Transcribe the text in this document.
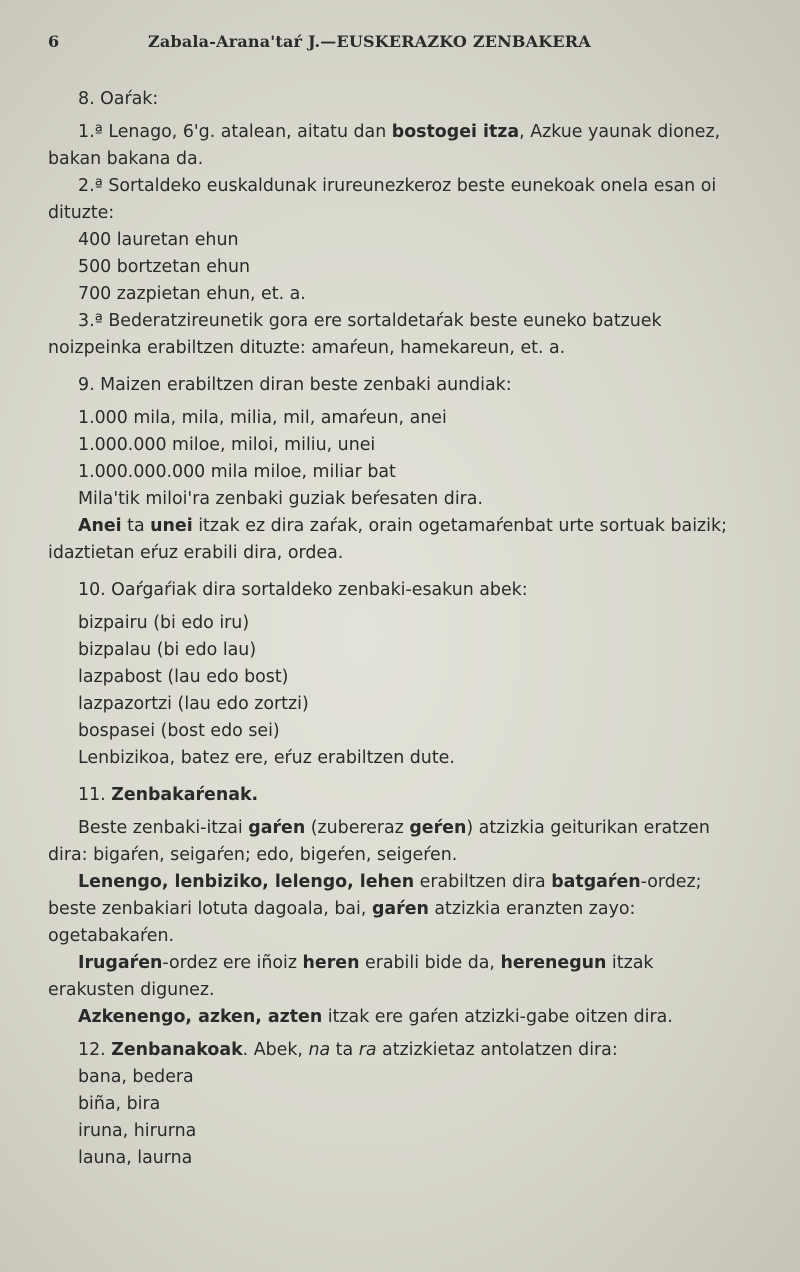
6	Zabala-Arana'taŕ J.—EUSKERAZKO ZENBAKERA
8. Oaŕak:

1.ª Lenago, 6'g. atalean, aitatu dan bostogei itza, Azkue yaunak dionez, bakan bakana da.

2.ª Sortaldeko euskaldunak irureunezkeroz beste eunekoak onela esan oi dituzte:

400 lauretan ehun
500 bortzetan ehun
700 zazpietan ehun, et. a.

3.ª Bederatzireunetik gora ere sortaldetaŕak beste euneko batzuek noizpeinka erabiltzen dituzte: amaŕeun, hamekareun, et. a.

9. Maizen erabiltzen diran beste zenbaki aundiak:
1.000 mila, mila, milia, mil, amaŕeun, anei
1.000.000 miloe, miloi, miliu, unei
1.000.000.000 mila miloe, miliar bat
Mila'tik miloi'ra zenbaki guziak beŕesaten dira.

Anei ta unei itzak ez dira zaŕak, orain ogetamaŕenbat urte sortuak baizik; idaztietan eŕuz erabili dira, ordea.

10. Oaŕgaŕiak dira sortaldeko zenbaki-esakun abek:
bizpairu (bi edo iru)
bizpalau (bi edo lau)
lazpabost (lau edo bost)
lazpazortzi (lau edo zortzi)
bospasei (bost edo sei)
Lenbizikoa, batez ere, eŕuz erabiltzen dute.
11. Zenbakaŕenak.

Beste zenbaki-itzai gaŕen (zubereraz geŕen) atzizkia geiturikan eratzen dira: bigaŕen, seigaŕen; edo, bigeŕen, seigeŕen.

Lenengo, lenbiziko, lelengo, lehen erabiltzen dira batgaŕen-ordez; beste zenbakiari lotuta dagoala, bai, gaŕen atzizkia eranzten zayo: ogetabakaŕen.

Irugaŕen-ordez ere iñoiz heren erabili bide da, herenegun itzak erakusten digunez.

Azkenengo, azken, azten itzak ere gaŕen atzizki-gabe oitzen dira.

12. Zenbanakoak. Abek, na ta ra atzizkietaz antolatzen dira:

bana, bedera
biña, bira
iruna, hirurna
launa, laurna
